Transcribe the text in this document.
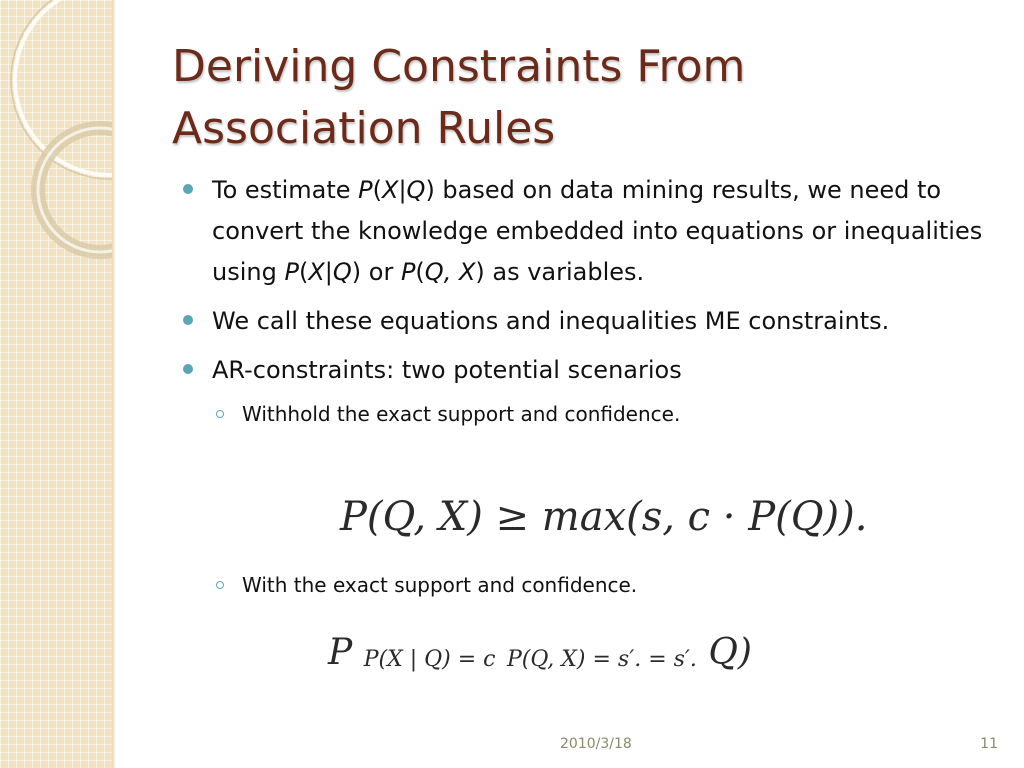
Deriving Constraints From
Association Rules
To estimate P(X|Q) based on data mining results, we need to convert the knowledge embedded into equations or inequalities using P(X|Q) or P(Q, X) as variables.
We call these equations and inequalities ME constraints.
AR-constraints: two potential scenarios
Withhold the exact support and confidence.
P(Q, X) ≥ max(s, c · P(Q)).
With the exact support and confidence.
P P(X | Q) = c P(Q, X) = s′. = s′. Q)
2010/3/18	11
